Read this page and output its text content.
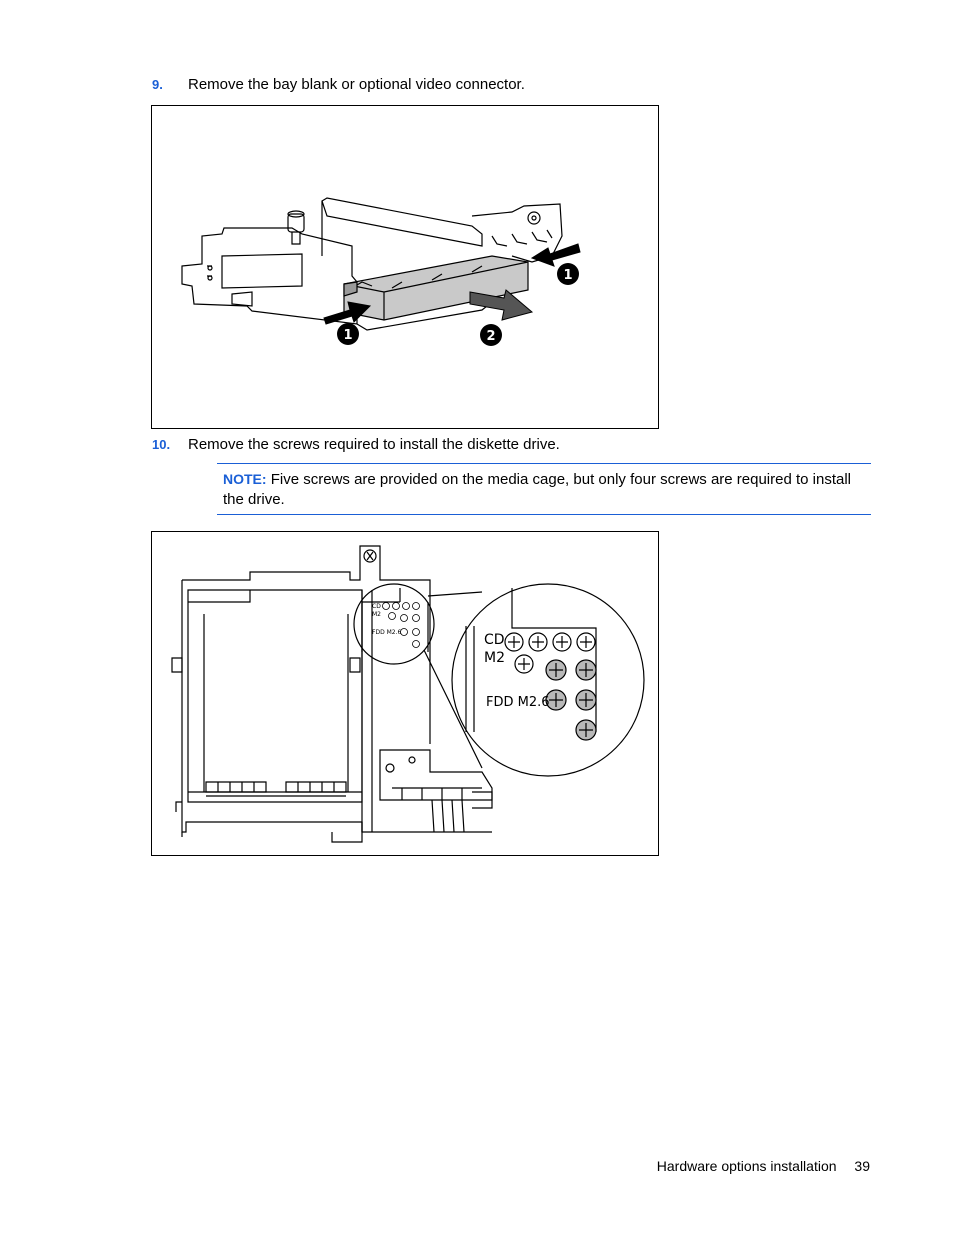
9. Remove the bay blank or optional video connector.
1
1
2
10. Remove the screws required to install the diskette drive.
NOTE: Five screws are provided on the media cage, but only four screws are required to install the drive.
CD
M2
FDD M2.6	CD
M2
FDD M2.6
Hardware options installation 39
